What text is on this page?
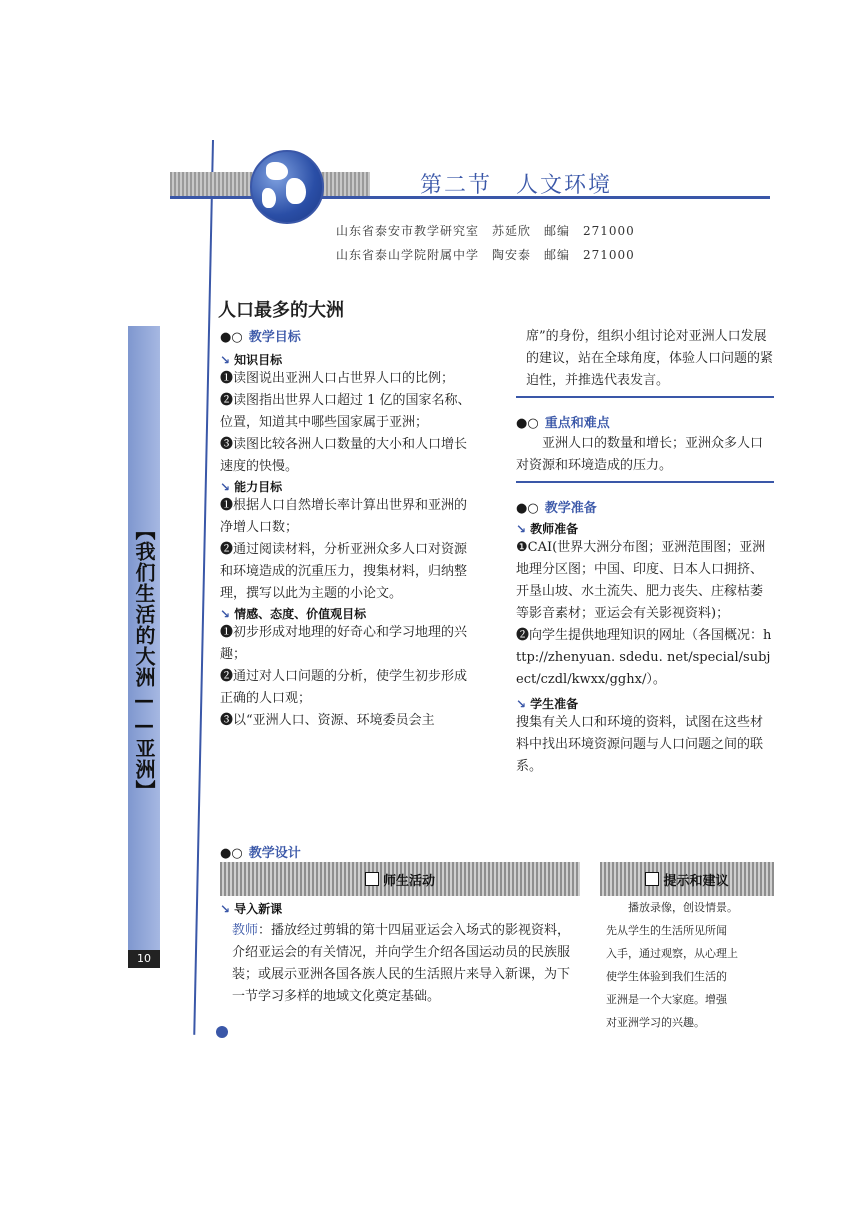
第二节　人文环境
山东省泰安市教学研究室　苏延欣　邮编　271000
山东省泰山学院附属中学　陶安泰　邮编　271000
【我们生活的大洲——亚洲】
10
人口最多的大洲
●○ 教学目标
↘ 知识目标
❶读图说出亚洲人口占世界人口的比例；
❷读图指出世界人口超过 1 亿的国家名称、位置，知道其中哪些国家属于亚洲；
❸读图比较各洲人口数量的大小和人口增长速度的快慢。
↘ 能力目标
❶根据人口自然增长率计算出世界和亚洲的净增人口数；
❷通过阅读材料，分析亚洲众多人口对资源和环境造成的沉重压力，搜集材料，归纳整理，撰写以此为主题的小论文。
↘ 情感、态度、价值观目标
❶初步形成对地理的好奇心和学习地理的兴趣；
❷通过对人口问题的分析，使学生初步形成正确的人口观；
❸以“亚洲人口、资源、环境委员会主
席”的身份，组织小组讨论对亚洲人口发展的建议，站在全球角度，体验人口问题的紧迫性，并推选代表发言。
●○ 重点和难点
亚洲人口的数量和增长；亚洲众多人口对资源和环境造成的压力。
●○ 教学准备
↘ 教师准备
❶CAI(世界大洲分布图；亚洲范围图；亚洲地理分区图；中国、印度、日本人口拥挤、开垦山坡、水土流失、肥力丧失、庄稼枯萎等影音素材；亚运会有关影视资料)；
❷向学生提供地理知识的网址（各国概况：http://zhenyuan. sdedu. net/special/subject/czdl/kwxx/gghx/）。
↘ 学生准备
搜集有关人口和环境的资料，试图在这些材料中找出环境资源问题与人口问题之间的联系。
●○ 教学设计
师生活动	提示和建议
↘ 导入新课
教师：播放经过剪辑的第十四届亚运会入场式的影视资料，介绍亚运会的有关情况，并向学生介绍各国运动员的民族服装；或展示亚洲各国各族人民的生活照片来导入新课，为下一节学习多样的地域文化奠定基础。
　　播放录像，创设情景。
先从学生的生活所见所闻
入手，通过观察，从心理上
使学生体验到我们生活的
亚洲是一个大家庭。增强
对亚洲学习的兴趣。
